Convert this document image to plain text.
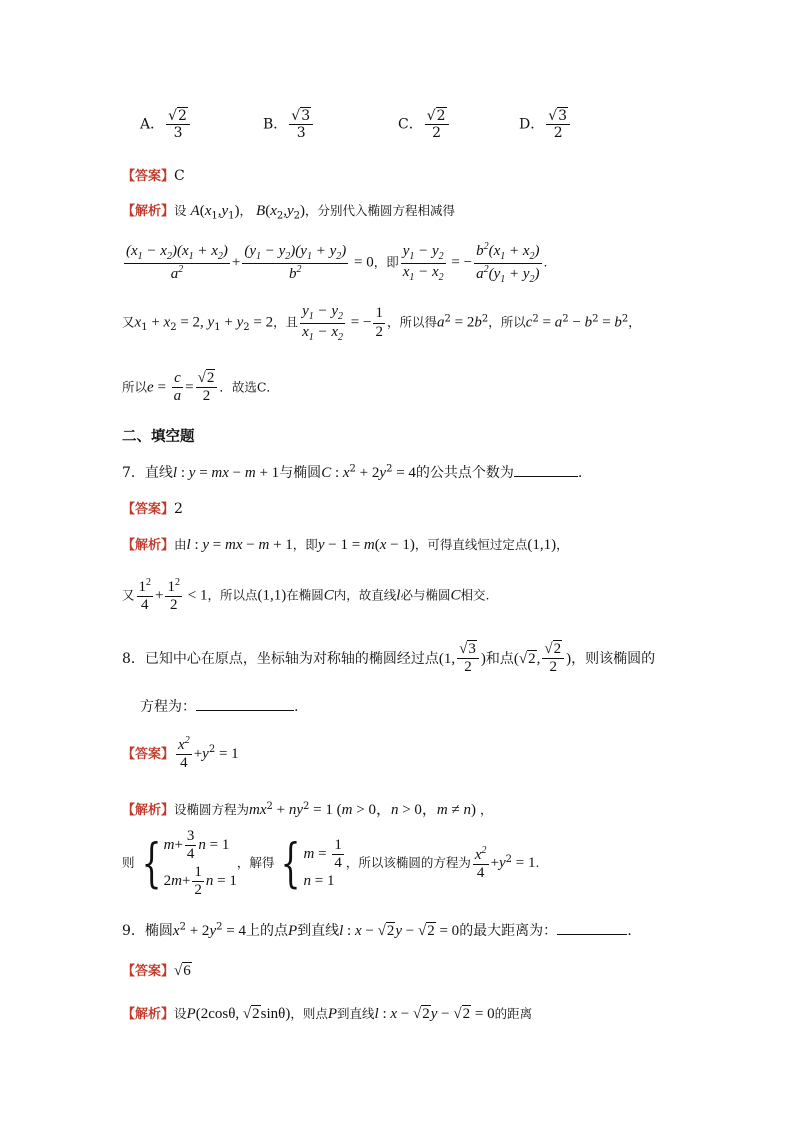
A． $\frac{√2}{3}$	B． $\frac{√3}{3}$	C． $\frac{√2}{2}$	D． $\frac{√3}{2}$
【答案】C
【解析】设 $A(x_1,y_1)$， $B(x_2,y_2)$，分别代入椭圆方程相减得
$\frac{(x_1 - x_2)(x_1 + x_2)}{a^2} + \frac{(y_1 - y_2)(y_1 + y_2)}{b^2} = 0$，即 $\frac{y_1 - y_2}{x_1 - x_2}$ = − $\frac{b^2(x_1 + x_2)}{a^2(y_1 + y_2)}$ .
又$x_1 + x_2 = 2$, $y_1 + y_2 = 2$，且 $\frac{y_1 - y_2}{x_1 - x_2}$ = − $\frac{1}{2}$ ，所以得$a^2 = 2b^2$，所以$c^2 = a^2 - b^2 = b^2$，
所以$e = \frac{c}{a} = \frac{√2}{2}$ ．故选C．
二、填空题
7．直线l : y = mx − m + 1与椭圆C : $x^2 + 2y^2 = 4$的公共点个数为	.
【答案】2
【解析】由l : y = mx − m + 1，即y − 1 = m(x − 1)，可得直线恒过定点(1,1)，
又 $\frac{1^2}{4} + \frac{1^2}{2} < 1$，所以点(1,1)在椭圆C内，故直线l必与椭圆C相交.
8．已知中心在原点，坐标轴为对称轴的椭圆经过点(1, $\frac{√3}{2}$ )和点(√2, $\frac{√2}{2}$ )，则该椭圆的
方程为：	.
【答案】 $\frac{x^2}{4} +y^2 = 1$
【解析】设椭圆方程为$mx^2 + ny^2 = 1$ (m > 0，n > 0，m ≠ n) ，
则 { $m+ \frac{3}{4}$ n = 1
$2m+ \frac{1}{2}$ n = 1
，解得 { $m = \frac{1}{4}$
n = 1
，所以该椭圆的方程为 $\frac{x^2}{4} +y^2 = 1$.
9．椭圆$x^2 + 2y^2 = 4$上的点P到直线l : x − √2y − √2 = 0的最大距离为：	.
【答案】√6
【解析】设P(2cosθ, √2sinθ)，则点P到直线l : x − √2y − √2 = 0的距离
